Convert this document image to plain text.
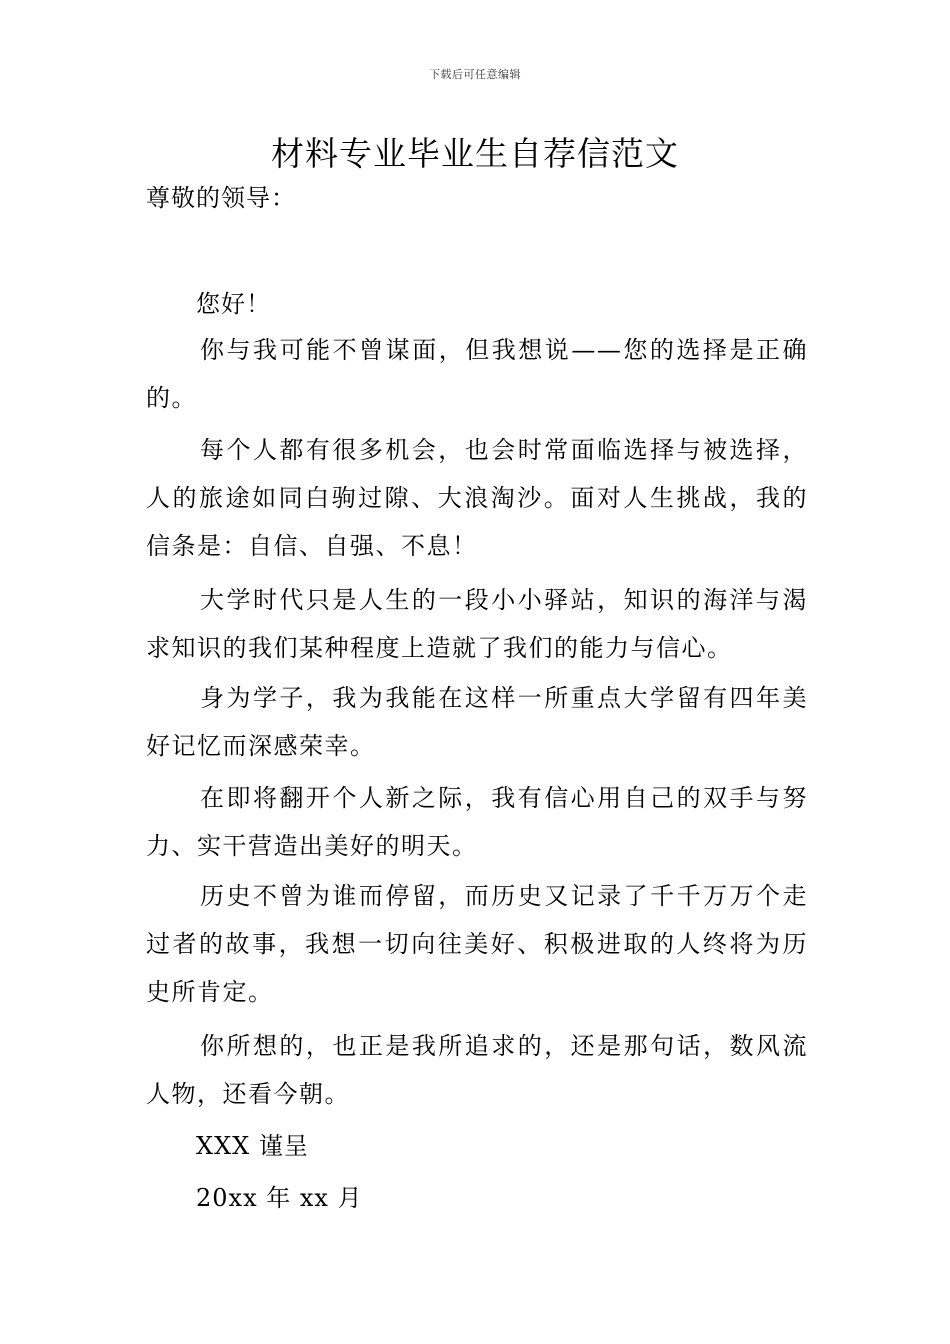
下载后可任意编辑
材料专业毕业生自荐信范文
尊敬的领导：
您好！
你与我可能不曾谋面，但我想说——您的选择是正确的。
每个人都有很多机会，也会时常面临选择与被选择，人的旅途如同白驹过隙、大浪淘沙。面对人生挑战，我的信条是：自信、自强、不息！
大学时代只是人生的一段小小驿站，知识的海洋与渴求知识的我们某种程度上造就了我们的能力与信心。
身为学子，我为我能在这样一所重点大学留有四年美好记忆而深感荣幸。
在即将翻开个人新之际，我有信心用自己的双手与努力、实干营造出美好的明天。
历史不曾为谁而停留，而历史又记录了千千万万个走过者的故事，我想一切向往美好、积极进取的人终将为历史所肯定。
你所想的，也正是我所追求的，还是那句话，数风流人物，还看今朝。
XXX 谨呈
20xx 年 xx 月
